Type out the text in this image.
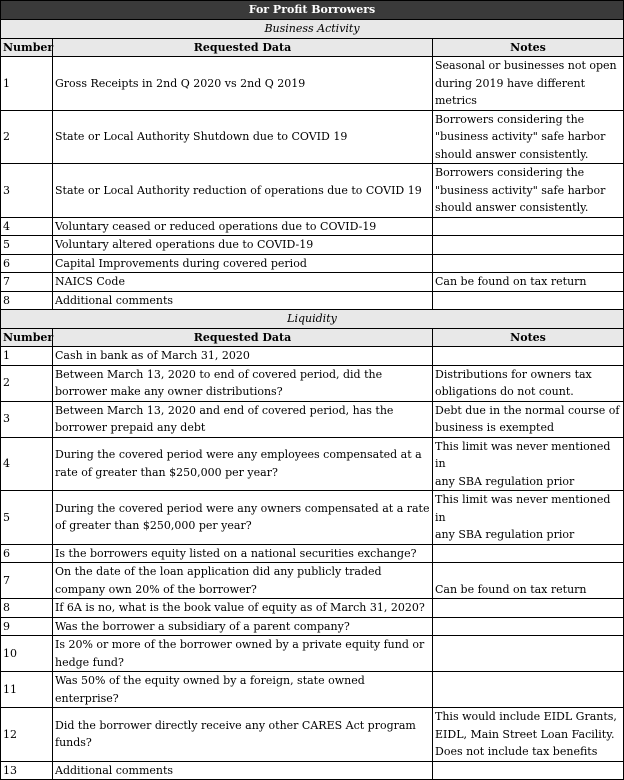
For Profit Borrowers		
Business Activity		
Number	Requested Data	Notes
1	Gross Receipts in 2nd Q 2020 vs 2nd Q 2019	Seasonal or businesses not open
during 2019 have different
metrics

2	State or Local Authority Shutdown due to COVID 19	Borrowers considering the
"business activity" safe harbor
should answer consistently.

3	State or Local Authority reduction of operations due to COVID 19	Borrowers considering the
"business activity" safe harbor
should answer consistently.

4	Voluntary ceased or reduced operations due to COVID-19	
5	Voluntary altered operations due to COVID-19	
6	Capital Improvements during covered period	
7	NAICS Code	Can be found on tax return

8	Additional comments	
Liquidity		
Number	Requested Data	Notes
1	Cash in bank as of March 31, 2020	
2	Between March 13, 2020 to end of covered period, did the borrower make any owner distributions?	Distributions for owners tax
obligations do not count.

3	Between March 13, 2020 and end of covered period, has the borrower prepaid any debt	Debt due in the normal course of
business is exempted

4	During the covered period were any employees compensated at a rate of greater than $250,000 per year?	This limit was never mentioned in
any SBA regulation prior

5	During the covered period were any owners compensated at a rate of greater than $250,000 per year?	This limit was never mentioned in
any SBA regulation prior

6	Is the borrowers equity listed on a national securities exchange?	
7	On the date of the loan application did any publicly traded company own 20% of the borrower?	Can be found on tax return

8	If 6A is no, what is the book value of equity as of March 31, 2020?	
9	Was the borrower a subsidiary of a parent company?	
10	Is 20% or more of the borrower owned by a private equity fund or hedge fund?	
11	Was 50% of the equity owned by a foreign, state owned enterprise?	
12	Did the borrower directly receive any other CARES Act program funds?	This would include EIDL Grants,
EIDL, Main Street Loan Facility.
Does not include tax benefits

13	Additional comments	
